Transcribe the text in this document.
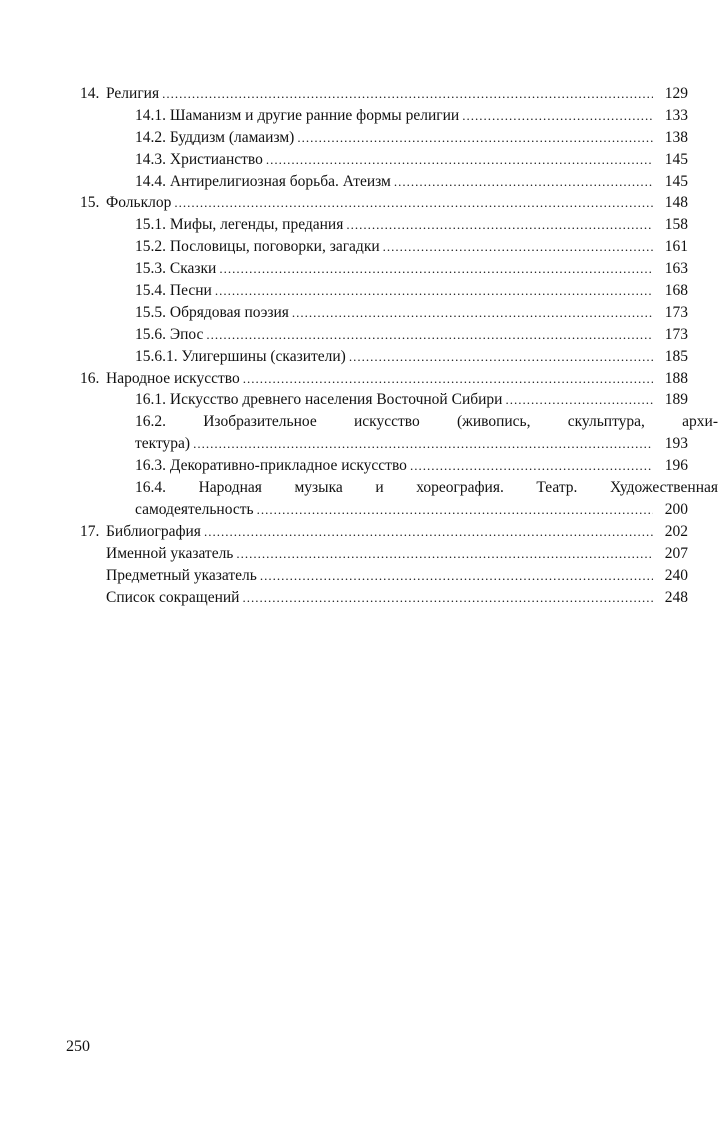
14. Религия .....	129
14.1. Шаманизм и другие ранние формы религии .....	133
14.2. Буддизм (ламаизм) .....	138
14.3. Христианство .....	145
14.4. Антирелигиозная борьба. Атеизм .....	145
15. Фольклор .....	148
15.1. Мифы, легенды, предания .....	158
15.2. Пословицы, поговорки, загадки .....	161
15.3. Сказки .....	163
15.4. Песни .....	168
15.5. Обрядовая поэзия .....	173
15.6. Эпос .....	173
15.6.1. Улигершины (сказители) .....	185
16. Народное искусство .....	188
16.1. Искусство древнего населения Восточной Сибири .....	189
16.2. Изобразительное искусство (живопись, скульптура, архи-
тектура) .....	193
16.3. Декоративно-прикладное искусство .....	196
16.4. Народная музыка и хореография. Театр. Художественная
самодеятельность .....	200
17. Библиография .....	202
Именной указатель .....	207
Предметный указатель .....	240
Список сокращений .....	248
250
